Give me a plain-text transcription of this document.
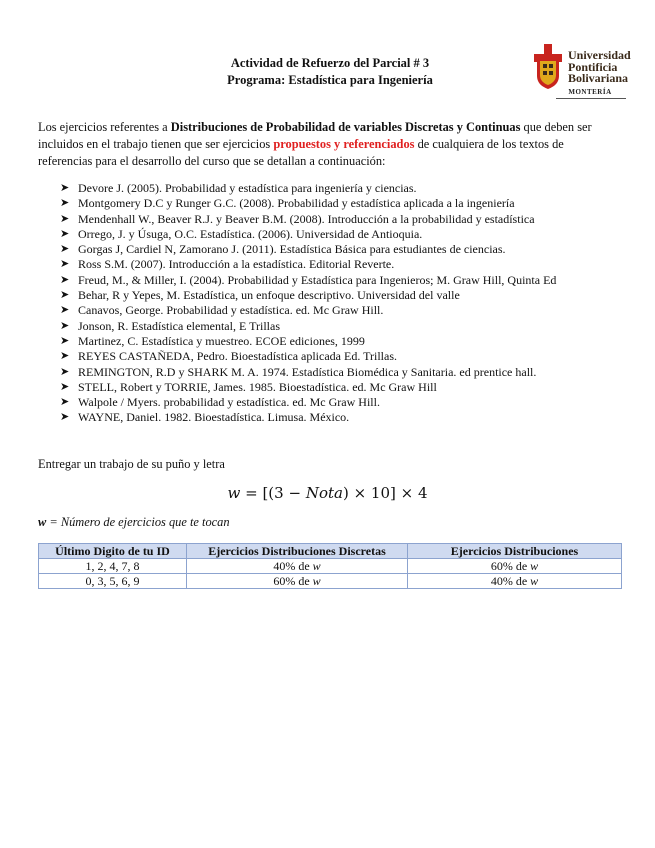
Actividad de Refuerzo del Parcial # 3
Programa: Estadística para Ingeniería
Universidad
Pontificia
Bolivariana
MONTERÍA
Los ejercicios referentes a Distribuciones de Probabilidad de variables Discretas y Continuas que deben ser incluidos en el trabajo tienen que ser ejercicios propuestos y referenciados de cualquiera de los textos de referencias para el desarrollo del curso que se detallan a continuación:
➤ Devore J. (2005). Probabilidad y estadística para ingeniería y ciencias.
➤ Montgomery D.C y Runger G.C. (2008). Probabilidad y estadística aplicada a la ingeniería
➤ Mendenhall W., Beaver R.J. y Beaver B.M. (2008). Introducción a la probabilidad y estadística
➤ Orrego, J. y Úsuga, O.C. Estadística. (2006). Universidad de Antioquia.
➤ Gorgas J, Cardiel N, Zamorano J. (2011). Estadística Básica para estudiantes de ciencias.
➤ Ross S.M. (2007). Introducción a la estadística. Editorial Reverte.
➤ Freud, M., & Miller, I. (2004). Probabilidad y Estadística para Ingenieros; M. Graw Hill, Quinta Ed
➤ Behar, R y Yepes, M. Estadística, un enfoque descriptivo. Universidad del valle
➤ Canavos, George. Probabilidad y estadística. ed. Mc Graw Hill.
➤ Jonson, R. Estadística elemental, E Trillas
➤ Martinez, C. Estadística y muestreo. ECOE ediciones, 1999
➤ REYES CASTAÑEDA, Pedro. Bioestadística aplicada Ed. Trillas.
➤ REMINGTON, R.D y SHARK M. A. 1974. Estadística Biomédica y Sanitaria. ed prentice hall.
➤ STELL, Robert y TORRIE, James. 1985. Bioestadística. ed. Mc Graw Hill
➤ Walpole / Myers. probabilidad y estadística. ed. Mc Graw Hill.
➤ WAYNE, Daniel. 1982. Bioestadística. Limusa. México.
Entregar un trabajo de su puño y letra
w = [(3 − Nota) × 10] × 4
w = Número de ejercicios que te tocan
Último Digito de tu ID	Ejercicios Distribuciones Discretas	Ejercicios Distribuciones
1, 2, 4, 7, 8	40% de w	60% de w
0, 3, 5, 6, 9	60% de w	40% de w
